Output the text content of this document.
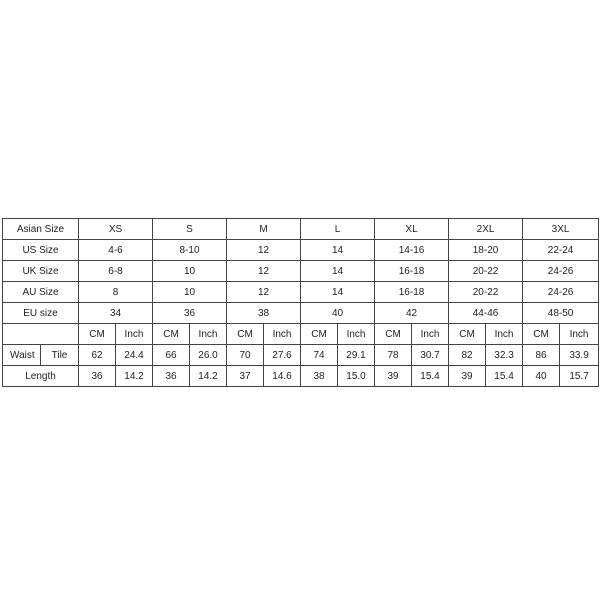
Asian Size		XS		S		M		L		XL		2XL		3XL	
US Size		4-6		8-10		12		14		14-16		18-20		22-24	
UK Size		6-8		10		12		14		16-18		20-22		24-26	
AU Size		8		10		12		14		16-18		20-22		24-26	
EU size		34		36		38		40		42		44-46		48-50	
		CM	Inch	CM	Inch	CM	Inch	CM	Inch	CM	Inch	CM	Inch	CM	Inch
Waist	Tile	62	24.4	66	26.0	70	27.6	74	29.1	78	30.7	82	32.3	86	33.9
Length		36	14.2	36	14.2	37	14.6	38	15.0	39	15.4	39	15.4	40	15.7
